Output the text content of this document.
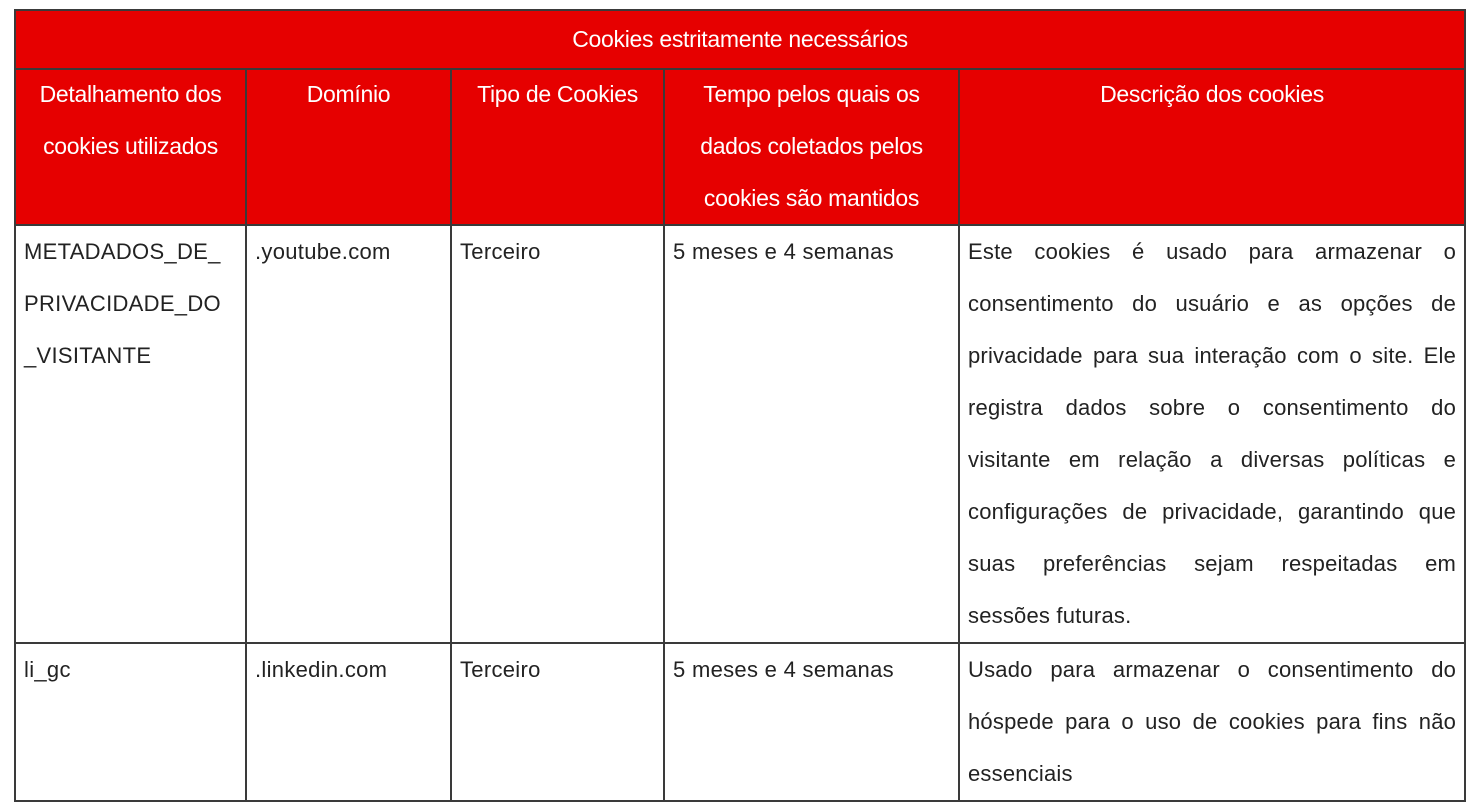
Cookies estritamente necessários				

Detalhamento dos cookies utilizados	Domínio	Tipo de Cookies	Tempo pelos quais os dados coletados pelos cookies são mantidos	Descrição dos cookies

METADADOS_DE_ PRIVACIDADE_DO _VISITANTE	.youtube.com	Terceiro	5 meses e 4 semanas	Este cookies é usado para armazenar o consentimento do usuário e as opções de privacidade para sua interação com o site. Ele registra dados sobre o consentimento do visitante em relação a diversas políticas e configurações de privacidade, garantindo que suas preferências sejam respeitadas em sessões futuras.
li_gc	.linkedin.com	Terceiro	5 meses e 4 semanas	Usado para armazenar o consentimento do hóspede para o uso de cookies para fins não essenciais
